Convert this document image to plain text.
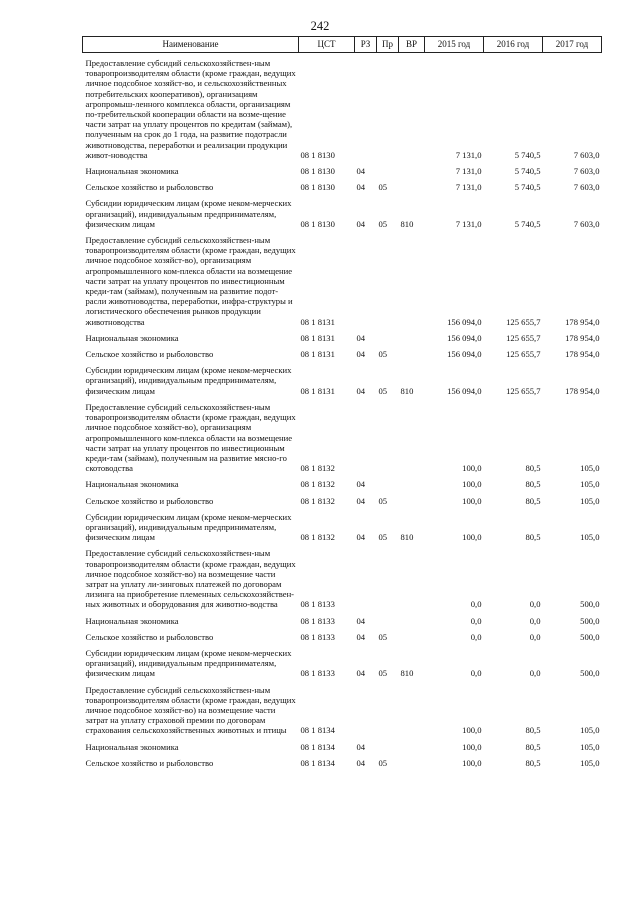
242
Наименование	ЦСТ	РЗ	Пр	ВР	2015 год	2016 год	2017 год
Предоставление субсидий сельскохозяйствен-ным товаропроизводителям области (кроме граждан, ведущих личное подсобное хозяйст-во, и сельскохозяйственных потребительских кооперативов), организациям агропромыш-ленного комплекса области, организациям по-требительской кооперации области на возме-щение части затрат на уплату процентов по кредитам (займам), полученным на срок до 1 года, на развитие подотрасли животноводства, переработки и реализации продукции живот-новодства	08 1 8130				7 131,0	5 740,5	7 603,0
Национальная экономика	08 1 8130	04			7 131,0	5 740,5	7 603,0
Сельское хозяйство и рыболовство	08 1 8130	04	05		7 131,0	5 740,5	7 603,0
Субсидии юридическим лицам (кроме неком-мерческих организаций), индивидуальным предпринимателям, физическим лицам	08 1 8130	04	05	810	7 131,0	5 740,5	7 603,0
Предоставление субсидий сельскохозяйствен-ным товаропроизводителям области (кроме граждан, ведущих личное подсобное хозяйст-во), организациям агропромышленного ком-плекса области на возмещение части затрат на уплату процентов по инвестиционным креди-там (займам), полученным на развитие подот-расли животноводства, переработки, инфра-структуры и логистического обеспечения рынков продукции животноводства	08 1 8131				156 094,0	125 655,7	178 954,0
Национальная экономика	08 1 8131	04			156 094,0	125 655,7	178 954,0
Сельское хозяйство и рыболовство	08 1 8131	04	05		156 094,0	125 655,7	178 954,0
Субсидии юридическим лицам (кроме неком-мерческих организаций), индивидуальным предпринимателям, физическим лицам	08 1 8131	04	05	810	156 094,0	125 655,7	178 954,0
Предоставление субсидий сельскохозяйствен-ным товаропроизводителям области (кроме граждан, ведущих личное подсобное хозяйст-во), организациям агропромышленного ком-плекса области на возмещение части затрат на уплату процентов по инвестиционным креди-там (займам), полученным на развитие мясно-го скотоводства	08 1 8132				100,0	80,5	105,0
Национальная экономика	08 1 8132	04			100,0	80,5	105,0
Сельское хозяйство и рыболовство	08 1 8132	04	05		100,0	80,5	105,0
Субсидии юридическим лицам (кроме неком-мерческих организаций), индивидуальным предпринимателям, физическим лицам	08 1 8132	04	05	810	100,0	80,5	105,0
Предоставление субсидий сельскохозяйствен-ным товаропроизводителям области (кроме граждан, ведущих личное подсобное хозяйст-во) на возмещение части затрат на уплату ли-зинговых платежей по договорам лизинга на приобретение племенных сельскохозяйствен-ных животных и оборудования для животно-водства	08 1 8133				0,0	0,0	500,0
Национальная экономика	08 1 8133	04			0,0	0,0	500,0
Сельское хозяйство и рыболовство	08 1 8133	04	05		0,0	0,0	500,0
Субсидии юридическим лицам (кроме неком-мерческих организаций), индивидуальным предпринимателям, физическим лицам	08 1 8133	04	05	810	0,0	0,0	500,0
Предоставление субсидий сельскохозяйствен-ным товаропроизводителям области (кроме граждан, ведущих личное подсобное хозяйст-во) на возмещение части затрат на уплату страховой премии по договорам страхования сельскохозяйственных животных и птицы	08 1 8134				100,0	80,5	105,0
Национальная экономика	08 1 8134	04			100,0	80,5	105,0
Сельское хозяйство и рыболовство	08 1 8134	04	05		100,0	80,5	105,0
